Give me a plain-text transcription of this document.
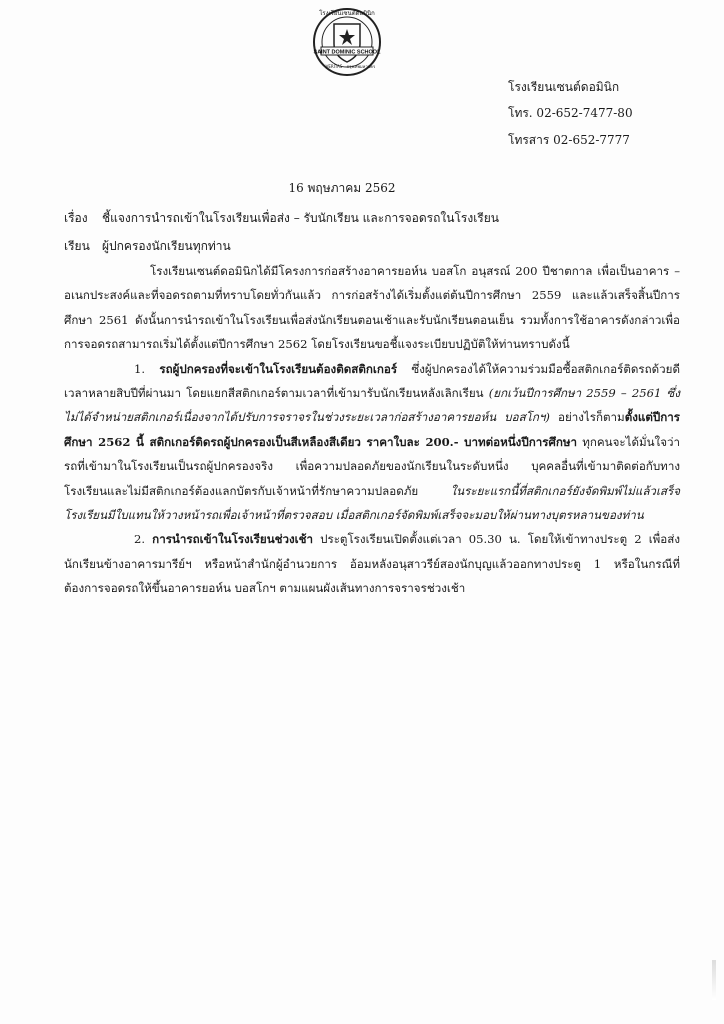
SAINT DOMINIC SCHOOL
โรงเรียนเซนต์ดอมินิก
VERITAS กรุงเทพมหานคร
โรงเรียนเซนต์ดอมินิก
โทร. 02-652-7477-80
โทรสาร 02-652-7777
16 พฤษภาคม 2562
เรื่อง ชี้แจงการนำรถเข้าในโรงเรียนเพื่อส่ง – รับนักเรียน และการจอดรถในโรงเรียน
เรียน ผู้ปกครองนักเรียนทุกท่าน

โรงเรียนเซนต์ดอมินิกได้มีโครงการก่อสร้างอาคารยอห์น บอสโก อนุสรณ์ 200 ปีชาตกาล เพื่อเป็นอาคาร – อเนกประสงค์และที่จอดรถตามที่ทราบโดยทั่วกันแล้ว การก่อสร้างได้เริ่มตั้งแต่ต้นปีการศึกษา 2559 และแล้วเสร็จสิ้นปีการศึกษา 2561 ดังนั้นการนำรถเข้าในโรงเรียนเพื่อส่งนักเรียนตอนเช้าและรับนักเรียนตอนเย็น รวมทั้งการใช้อาคารดังกล่าวเพื่อการจอดรถสามารถเริ่มได้ตั้งแต่ปีการศึกษา 2562 โดยโรงเรียนขอชี้แจงระเบียบปฏิบัติให้ท่านทราบดังนี้

1. รถผู้ปกครองที่จะเข้าในโรงเรียนต้องติดสติกเกอร์ ซึ่งผู้ปกครองได้ให้ความร่วมมือซื้อสติกเกอร์ติดรถด้วยดีเวลาหลายสิบปีที่ผ่านมา โดยแยกสีสติกเกอร์ตามเวลาที่เข้ามารับนักเรียนหลังเลิกเรียน (ยกเว้นปีการศึกษา 2559 – 2561 ซึ่งไม่ได้จำหน่ายสติกเกอร์เนื่องจากได้ปรับการจราจรในช่วงระยะเวลาก่อสร้างอาคารยอห์น บอสโกฯ) อย่างไรก็ตามตั้งแต่ปีการศึกษา 2562 นี้ สติกเกอร์ติดรถผู้ปกครองเป็นสีเหลืองสีเดียว ราคาใบละ 200.- บาทต่อหนึ่งปีการศึกษา ทุกคนจะได้มั่นใจว่ารถที่เข้ามาในโรงเรียนเป็นรถผู้ปกครองจริง เพื่อความปลอดภัยของนักเรียนในระดับหนึ่ง บุคคลอื่นที่เข้ามาติดต่อกับทางโรงเรียนและไม่มีสติกเกอร์ต้องแลกบัตรกับเจ้าหน้าที่รักษาความปลอดภัย ในระยะแรกนี้ที่สติกเกอร์ยังจัดพิมพ์ไม่แล้วเสร็จ โรงเรียนมีใบแทนให้วางหน้ารถเพื่อเจ้าหน้าที่ตรวจสอบ เมื่อสติกเกอร์จัดพิมพ์เสร็จจะมอบให้ผ่านทางบุตรหลานของท่าน

2. การนำรถเข้าในโรงเรียนช่วงเช้า ประตูโรงเรียนเปิดตั้งแต่เวลา 05.30 น. โดยให้เข้าทางประตู 2 เพื่อส่งนักเรียนข้างอาคารมารีย์ฯ หรือหน้าสำนักผู้อำนวยการ อ้อมหลังอนุสาวรีย์สองนักบุญแล้วออกทางประตู 1 หรือในกรณีที่ต้องการจอดรถให้ขึ้นอาคารยอห์น บอสโกฯ ตามแผนผังเส้นทางการจราจรช่วงเช้า
